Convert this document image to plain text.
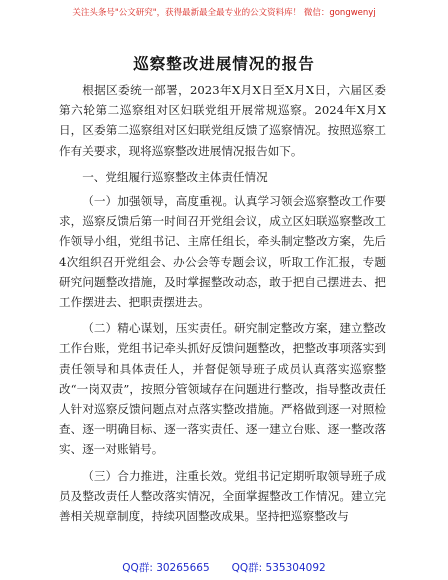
关注头条号"公文研究"，获得最新最全最专业的公文资料库！ 微信：gongwenyj
巡察整改进展情况的报告

根据区委统一部署，2023年X月X日至X月X日，六届区委第六轮第二巡察组对区妇联党组开展常规巡察。2024年X月X日，区委第二巡察组对区妇联党组反馈了巡察情况。按照巡察工作有关要求，现将巡察整改进展情况报告如下。

一、党组履行巡察整改主体责任情况

（一）加强领导，高度重视。认真学习领会巡察整改工作要求，巡察反馈后第一时间召开党组会议，成立区妇联巡察整改工作领导小组，党组书记、主席任组长，牵头制定整改方案，先后4次组织召开党组会、办公会等专题会议，听取工作汇报，专题研究问题整改措施，及时掌握整改动态，敢于把自己摆进去、把工作摆进去、把职责摆进去。

（二）精心谋划，压实责任。研究制定整改方案，建立整改工作台账，党组书记牵头抓好反馈问题整改，把整改事项落实到责任领导和具体责任人，并督促领导班子成员认真落实巡察整改“一岗双责”，按照分管领域存在问题进行整改，指导整改责任人针对巡察反馈问题点对点落实整改措施。严格做到逐一对照检查、逐一明确目标、逐一落实责任、逐一建立台账、逐一整改落实、逐一对账销号。

（三）合力推进，注重长效。党组书记定期听取领导班子成员及整改责任人整改落实情况，全面掌握整改工作情况。建立完善相关规章制度，持续巩固整改成果。坚持把巡察整改与

QQ群: 30265665 QQ群: 535304092
